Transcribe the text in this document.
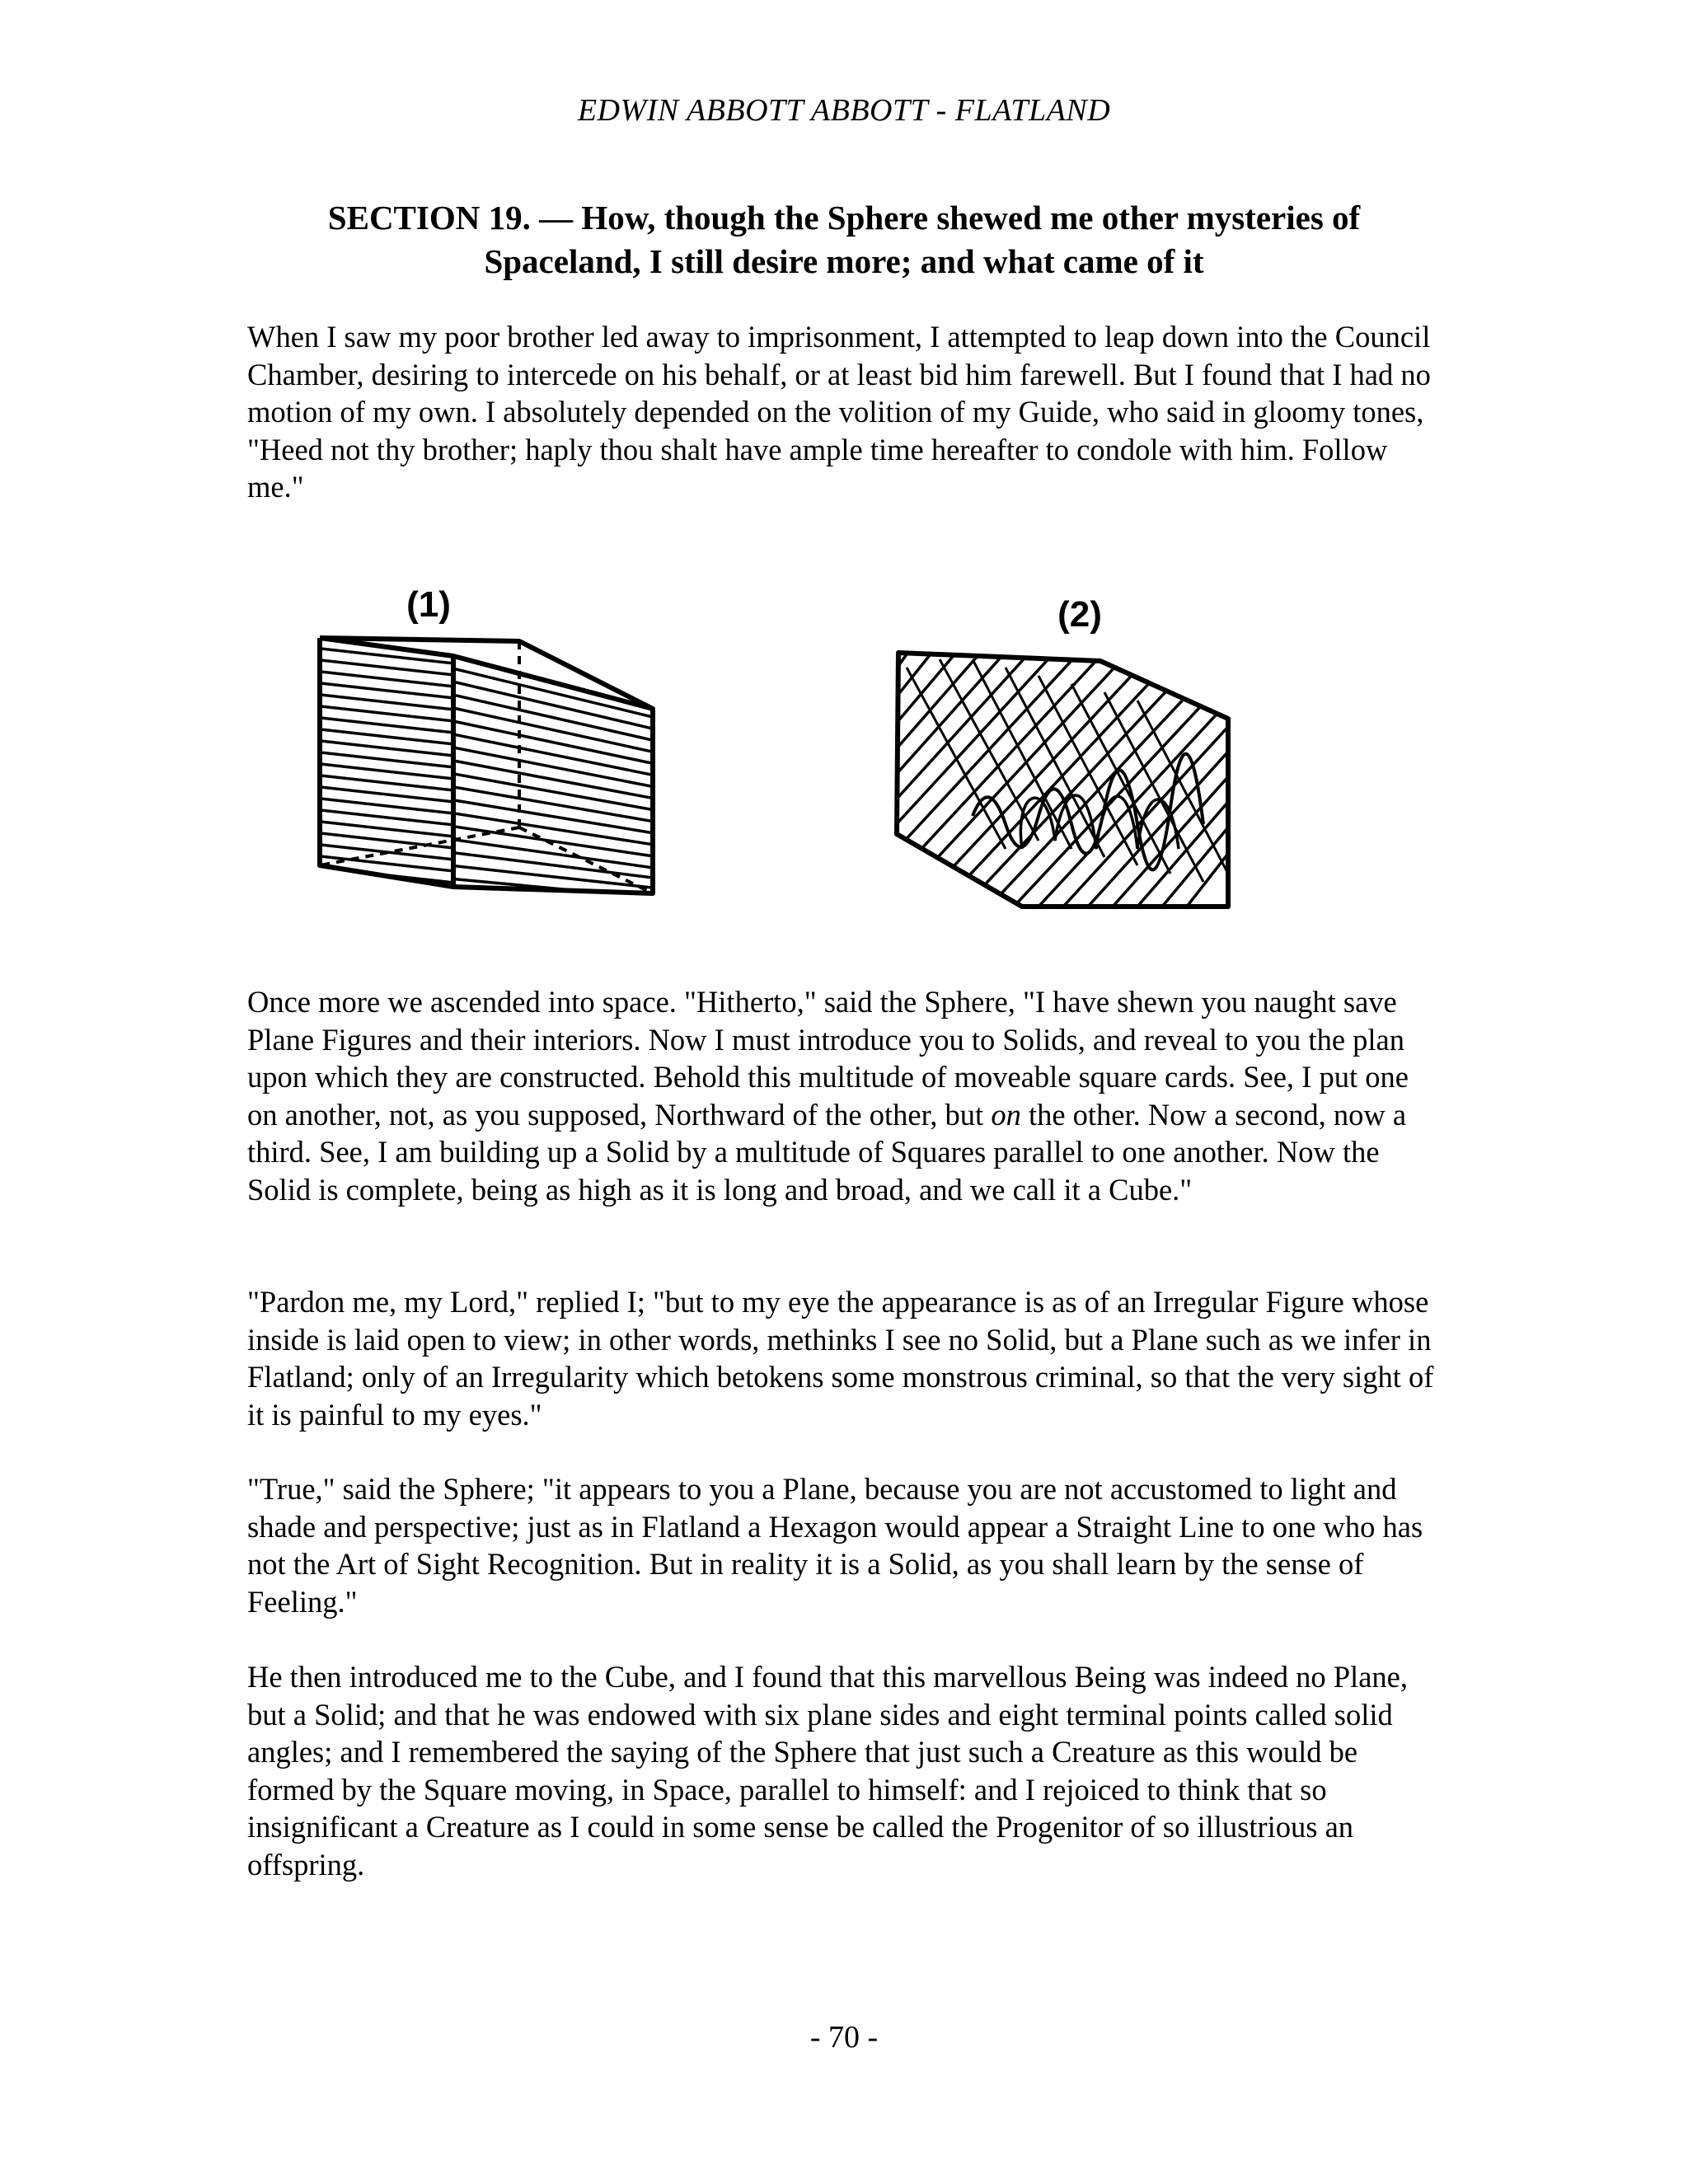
EDWIN ABBOTT ABBOTT - FLATLAND
SECTION 19. — How, though the Sphere shewed me other mysteries of Spaceland, I still desire more; and what came of it

When I saw my poor brother led away to imprisonment, I attempted to leap down into the Council Chamber, desiring to intercede on his behalf, or at least bid him farewell. But I found that I had no motion of my own. I absolutely depended on the volition of my Guide, who said in gloomy tones, "Heed not thy brother; haply thou shalt have ample time hereafter to condole with him. Follow me."

(1)	(2)

Once more we ascended into space. "Hitherto," said the Sphere, "I have shewn you naught save Plane Figures and their interiors. Now I must introduce you to Solids, and reveal to you the plan upon which they are constructed. Behold this multitude of moveable square cards. See, I put one on another, not, as you supposed, Northward of the other, but on the other. Now a second, now a third. See, I am building up a Solid by a multitude of Squares parallel to one another. Now the Solid is complete, being as high as it is long and broad, and we call it a Cube."

"Pardon me, my Lord," replied I; "but to my eye the appearance is as of an Irregular Figure whose inside is laid open to view; in other words, methinks I see no Solid, but a Plane such as we infer in Flatland; only of an Irregularity which betokens some monstrous criminal, so that the very sight of it is painful to my eyes."

"True," said the Sphere; "it appears to you a Plane, because you are not accustomed to light and shade and perspective; just as in Flatland a Hexagon would appear a Straight Line to one who has not the Art of Sight Recognition. But in reality it is a Solid, as you shall learn by the sense of Feeling."

He then introduced me to the Cube, and I found that this marvellous Being was indeed no Plane, but a Solid; and that he was endowed with six plane sides and eight terminal points called solid angles; and I remembered the saying of the Sphere that just such a Creature as this would be formed by the Square moving, in Space, parallel to himself: and I rejoiced to think that so insignificant a Creature as I could in some sense be called the Progenitor of so illustrious an offspring.

- 70 -
